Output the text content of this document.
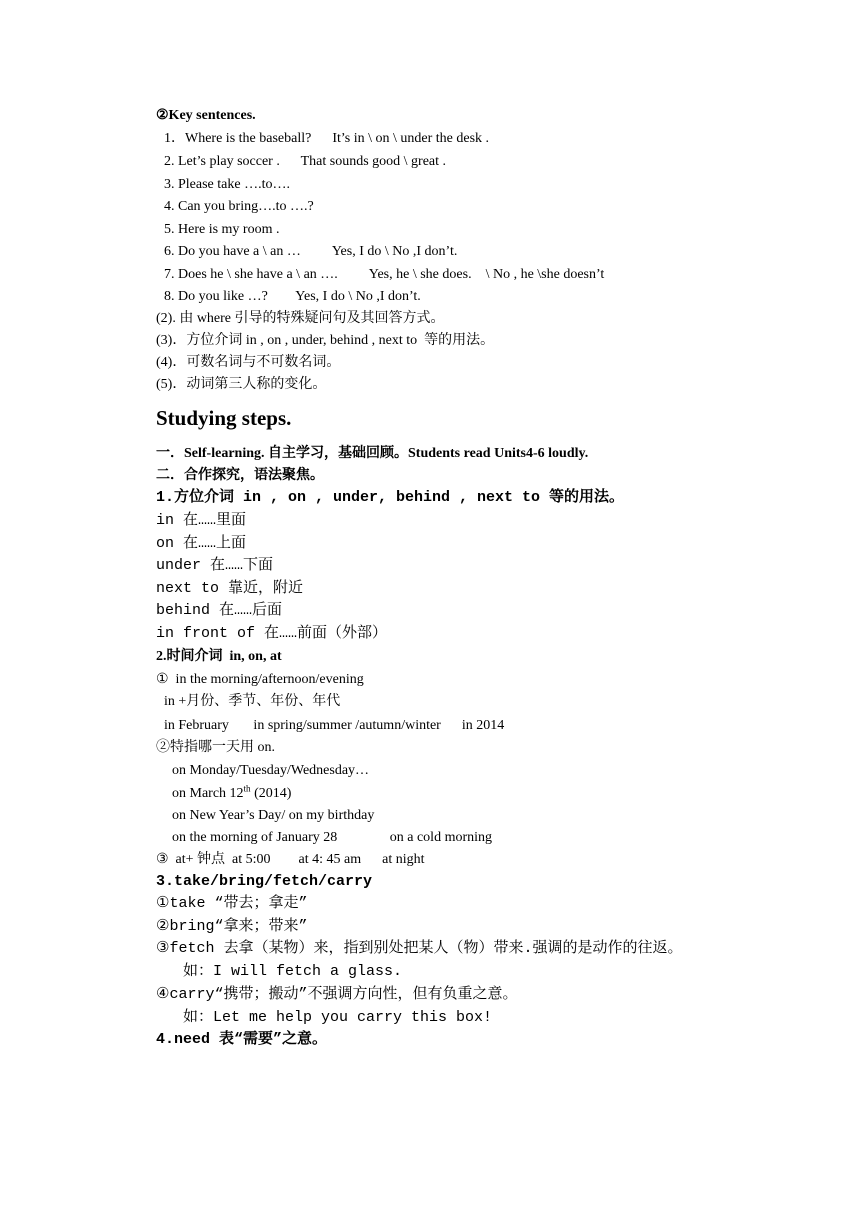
②Key sentences.
1．Where is the baseball?      It’s in \ on \ under the desk .
2. Let’s play soccer .      That sounds good \ great .
3. Please take ….to….
4. Can you bring….to ….?
5. Here is my room .
6. Do you have a \ an …         Yes, I do \ No ,I don’t.
7. Does he \ she have a \ an ….         Yes, he \ she does.    \ No , he \she doesn’t
8. Do you like …?        Yes, I do \ No ,I don’t.
(2). 由 where 引导的特殊疑问句及其回答方式。
(3)．方位介词 in , on , under, behind , next to  等的用法。
(4)．可数名词与不可数名词。
(5)．动词第三人称的变化。
Studying steps.
一．Self-learning. 自主学习，基础回顾。Students read Units4-6 loudly.
二．合作探究，语法聚焦。
1.方位介词 in , on , under, behind , next to 等的用法。
in 在……里面
on 在……上面
under 在……下面
next to 靠近，附近
behind 在……后面
in front of 在……前面（外部）
2.时间介词  in, on, at
①  in the morning/afternoon/evening
in +月份、季节、年份、年代
in February       in spring/summer /autumn/winter      in 2014
②特指哪一天用 on.
on Monday/Tuesday/Wednesday…
on March 12th (2014)
on New Year’s Day/ on my birthday
on the morning of January 28               on a cold morning
③  at+ 钟点  at 5:00        at 4: 45 am      at night
3.take/bring/fetch/carry
①take “带去；拿走”
②bring“拿来；带来”
③fetch 去拿（某物）来，指到别处把某人（物）带来.强调的是动作的往返。
如：I will fetch a glass.
④carry“携带；搬动”不强调方向性，但有负重之意。
如：Let me help you carry this box!
4.need 表“需要”之意。
